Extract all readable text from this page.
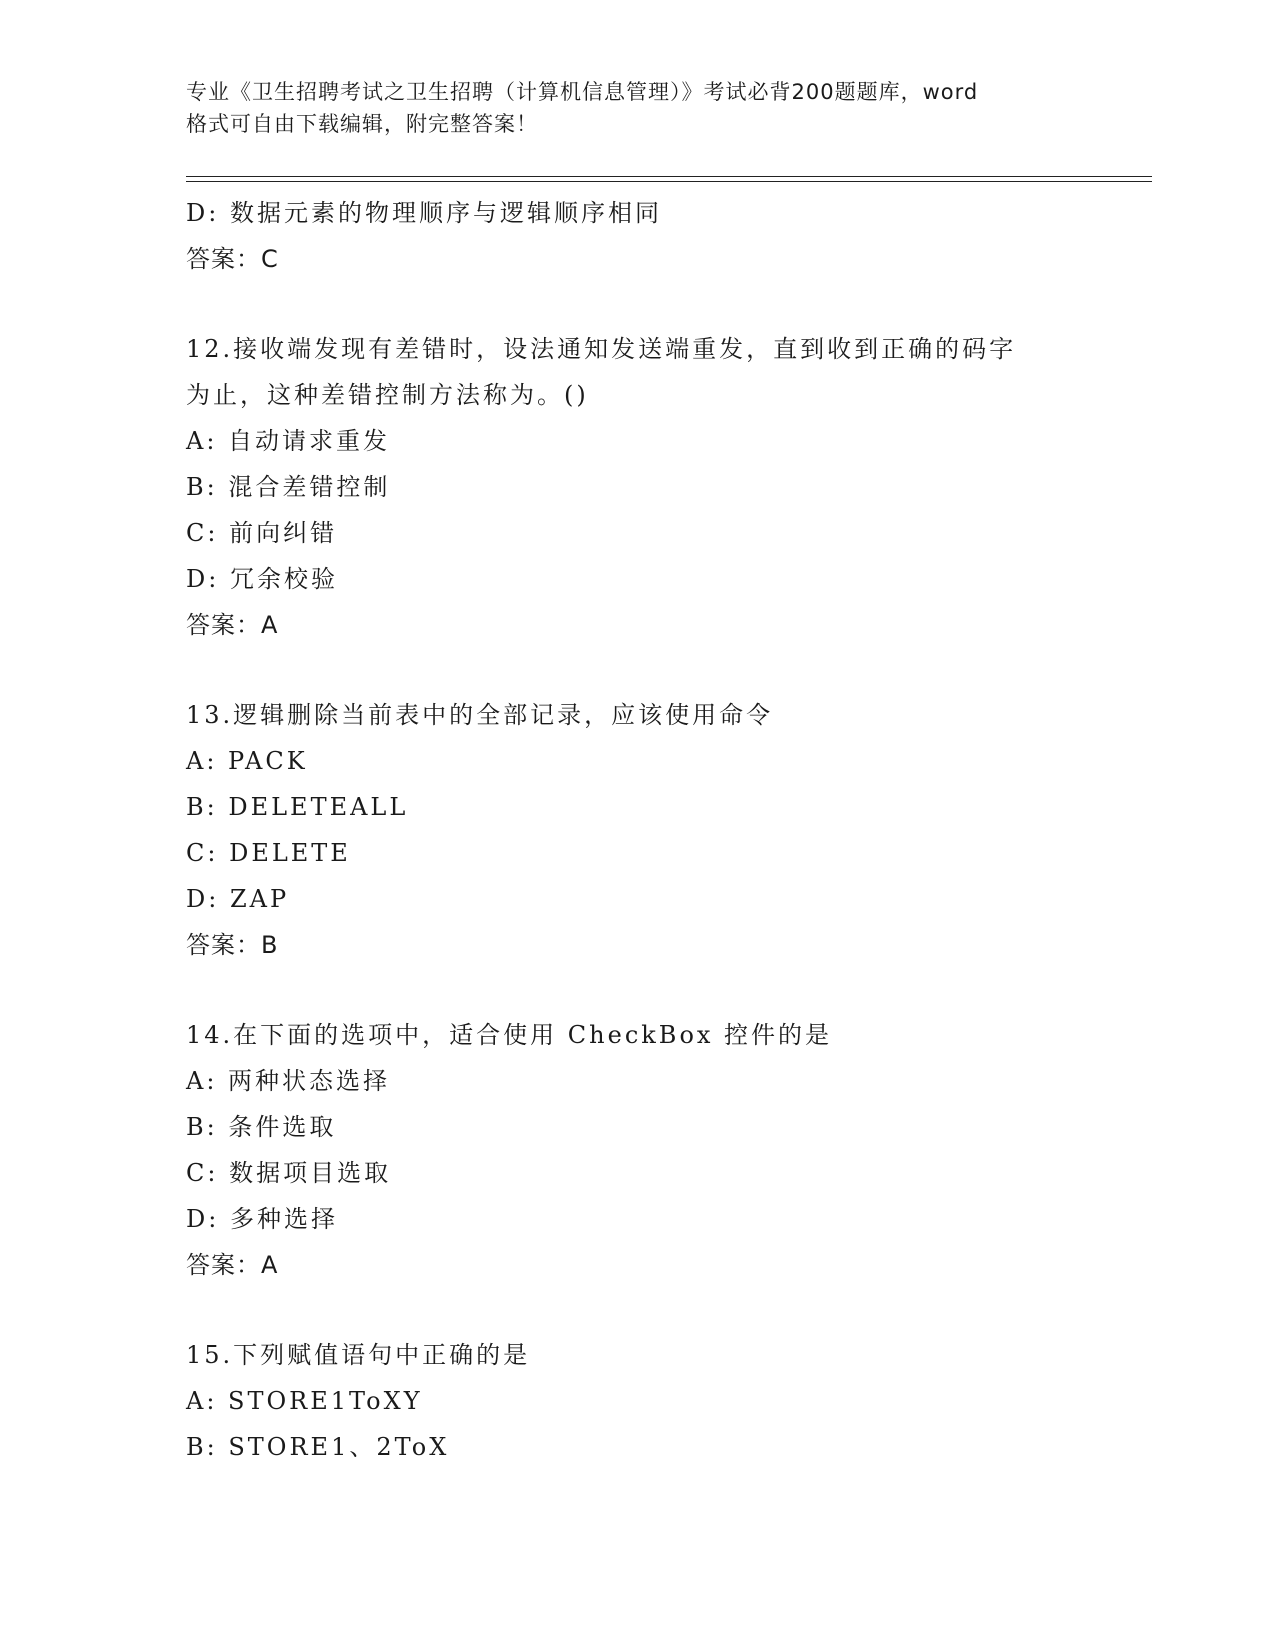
专业《卫生招聘考试之卫生招聘（计算机信息管理）》考试必背200题题库，word
格式可自由下载编辑，附完整答案！
D: 数据元素的物理顺序与逻辑顺序相同
答案：C
12.接收端发现有差错时，设法通知发送端重发，直到收到正确的码字
为止，这种差错控制方法称为。()
A: 自动请求重发
B: 混合差错控制
C: 前向纠错
D: 冗余校验
答案：A
13.逻辑删除当前表中的全部记录，应该使用命令
A: PACK
B: DELETEALL
C: DELETE
D: ZAP
答案：B
14.在下面的选项中，适合使用 CheckBox 控件的是
A: 两种状态选择
B: 条件选取
C: 数据项目选取
D: 多种选择
答案：A
15.下列赋值语句中正确的是
A: STORE1ToXY
B: STORE1、2ToX
